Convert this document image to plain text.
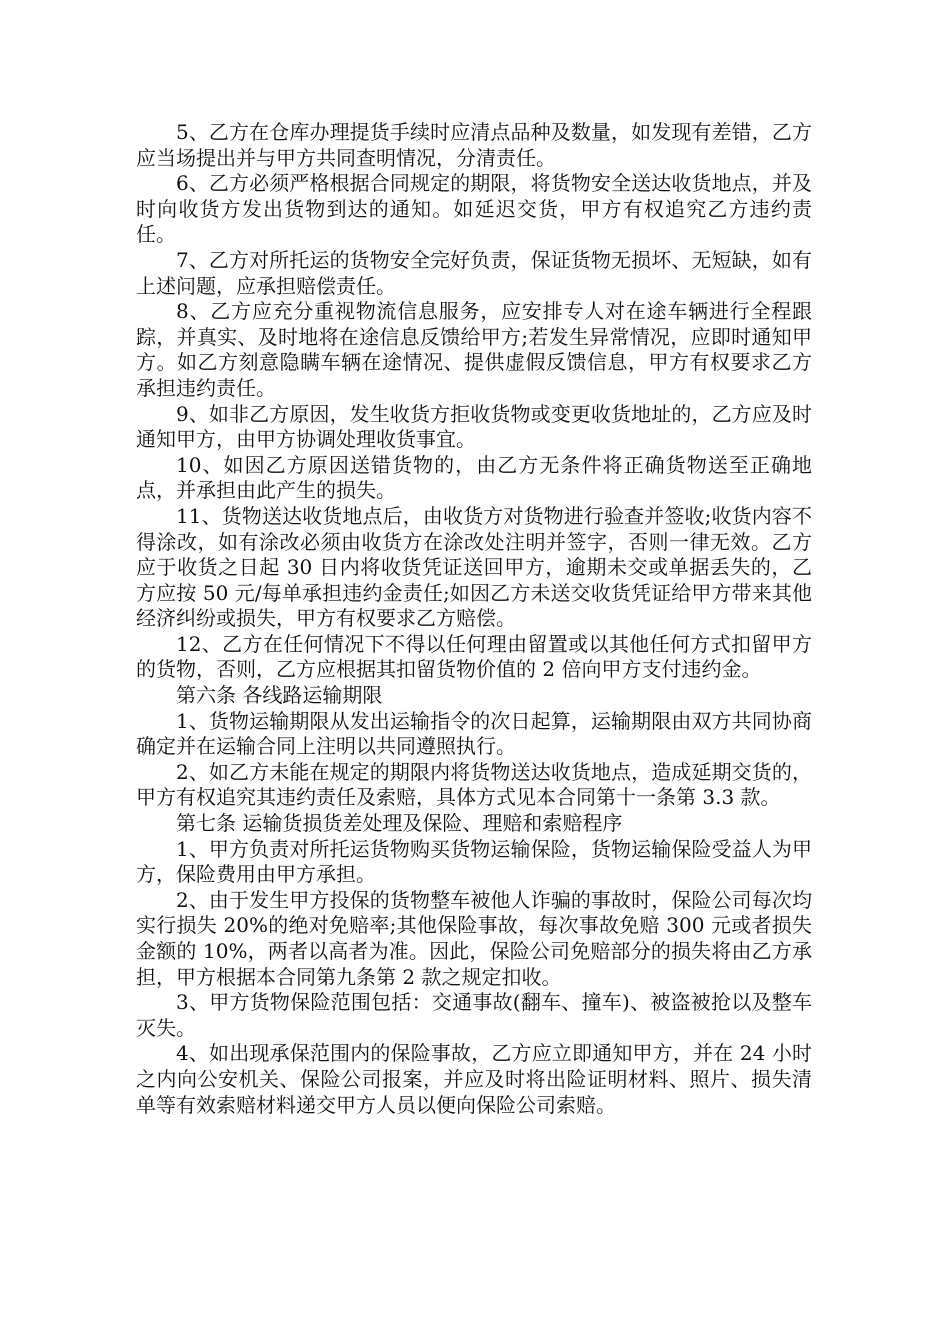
5、乙方在仓库办理提货手续时应清点品种及数量，如发现有差错，乙方应当场提出并与甲方共同查明情况，分清责任。

6、乙方必须严格根据合同规定的期限，将货物安全送达收货地点，并及时向收货方发出货物到达的通知。如延迟交货，甲方有权追究乙方违约责任。

7、乙方对所托运的货物安全完好负责，保证货物无损坏、无短缺，如有上述问题，应承担赔偿责任。

8、乙方应充分重视物流信息服务，应安排专人对在途车辆进行全程跟踪，并真实、及时地将在途信息反馈给甲方;若发生异常情况，应即时通知甲方。如乙方刻意隐瞒车辆在途情况、提供虚假反馈信息，甲方有权要求乙方承担违约责任。

9、如非乙方原因，发生收货方拒收货物或变更收货地址的，乙方应及时通知甲方，由甲方协调处理收货事宜。

10、如因乙方原因送错货物的，由乙方无条件将正确货物送至正确地点，并承担由此产生的损失。

11、货物送达收货地点后，由收货方对货物进行验查并签收;收货内容不得涂改，如有涂改必须由收货方在涂改处注明并签字，否则一律无效。乙方应于收货之日起 30 日内将收货凭证送回甲方，逾期未交或单据丢失的，乙方应按 50 元/每单承担违约金责任;如因乙方未送交收货凭证给甲方带来其他经济纠纷或损失，甲方有权要求乙方赔偿。

12、乙方在任何情况下不得以任何理由留置或以其他任何方式扣留甲方的货物，否则，乙方应根据其扣留货物价值的 2 倍向甲方支付违约金。

第六条 各线路运输期限

1、货物运输期限从发出运输指令的次日起算，运输期限由双方共同协商确定并在运输合同上注明以共同遵照执行。

2、如乙方未能在规定的期限内将货物送达收货地点，造成延期交货的，甲方有权追究其违约责任及索赔，具体方式见本合同第十一条第 3.3 款。

第七条 运输货损货差处理及保险、理赔和索赔程序

1、甲方负责对所托运货物购买货物运输保险，货物运输保险受益人为甲方，保险费用由甲方承担。

2、由于发生甲方投保的货物整车被他人诈骗的事故时，保险公司每次均实行损失 20%的绝对免赔率;其他保险事故，每次事故免赔 300 元或者损失金额的 10%，两者以高者为准。因此，保险公司免赔部分的损失将由乙方承担，甲方根据本合同第九条第 2 款之规定扣收。

3、甲方货物保险范围包括：交通事故(翻车、撞车)、被盗被抢以及整车灭失。

4、如出现承保范围内的保险事故，乙方应立即通知甲方，并在 24 小时之内向公安机关、保险公司报案，并应及时将出险证明材料、照片、损失清单等有效索赔材料递交甲方人员以便向保险公司索赔。
